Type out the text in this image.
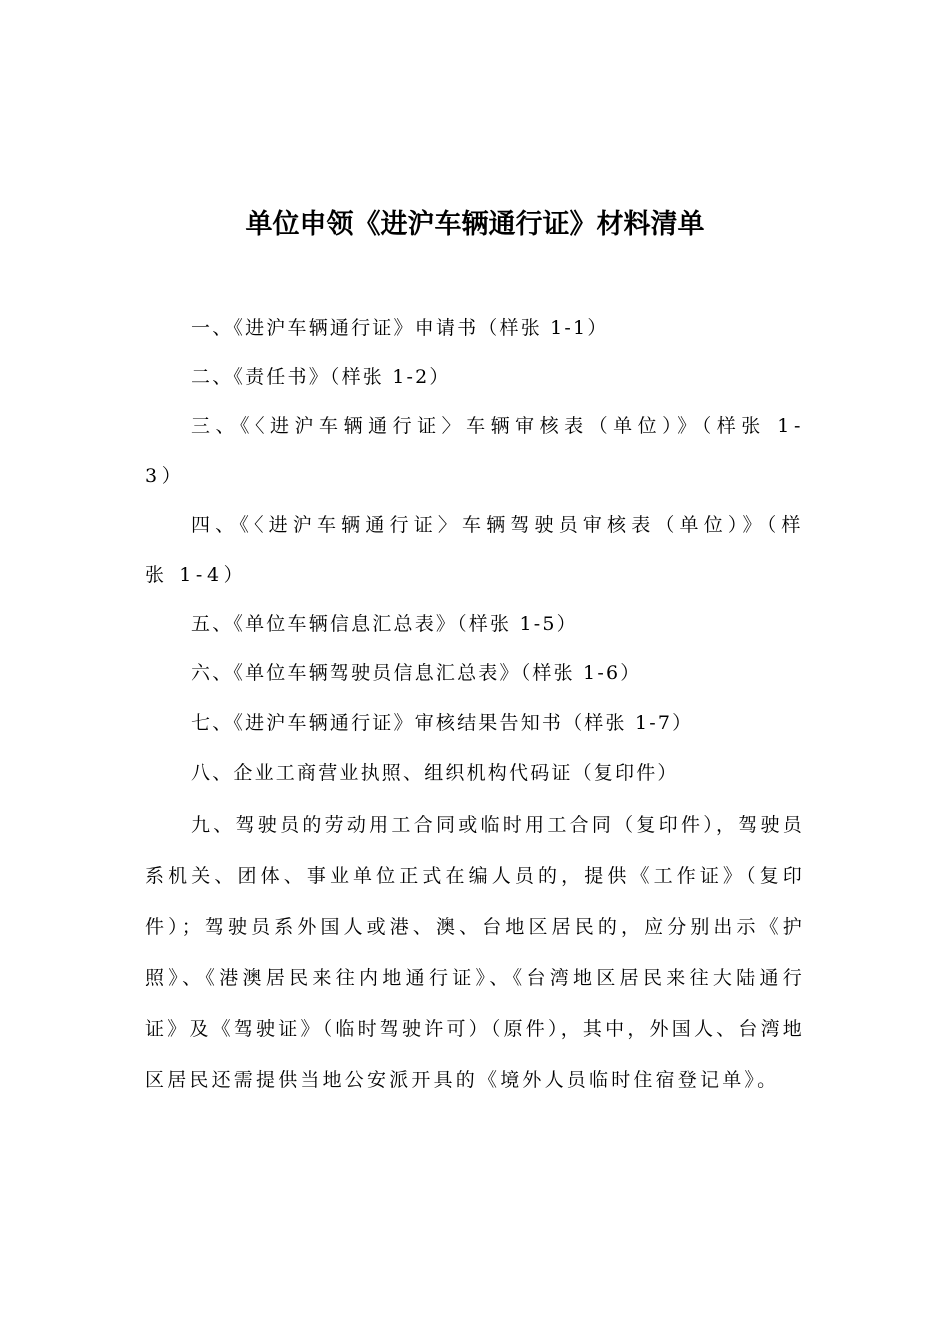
单位申领《进沪车辆通行证》材料清单

一、《进沪车辆通行证》申请书（样张 1-1）

二、《责任书》（样张 1-2）

三、《〈进沪车辆通行证〉车辆审核表（单位）》（样张 1-3）

四、《〈进沪车辆通行证〉车辆驾驶员审核表（单位）》（样张 1-4）

五、《单位车辆信息汇总表》（样张 1-5）

六、《单位车辆驾驶员信息汇总表》（样张 1-6）

七、《进沪车辆通行证》审核结果告知书（样张 1-7）

八、企业工商营业执照、组织机构代码证（复印件）

九、驾驶员的劳动用工合同或临时用工合同（复印件），驾驶员系机关、团体、事业单位正式在编人员的，提供《工作证》（复印件）；驾驶员系外国人或港、澳、台地区居民的，应分别出示《护照》、《港澳居民来往内地通行证》、《台湾地区居民来往大陆通行证》及《驾驶证》（临时驾驶许可）（原件），其中，外国人、台湾地区居民还需提供当地公安派开具的《境外人员临时住宿登记单》。
